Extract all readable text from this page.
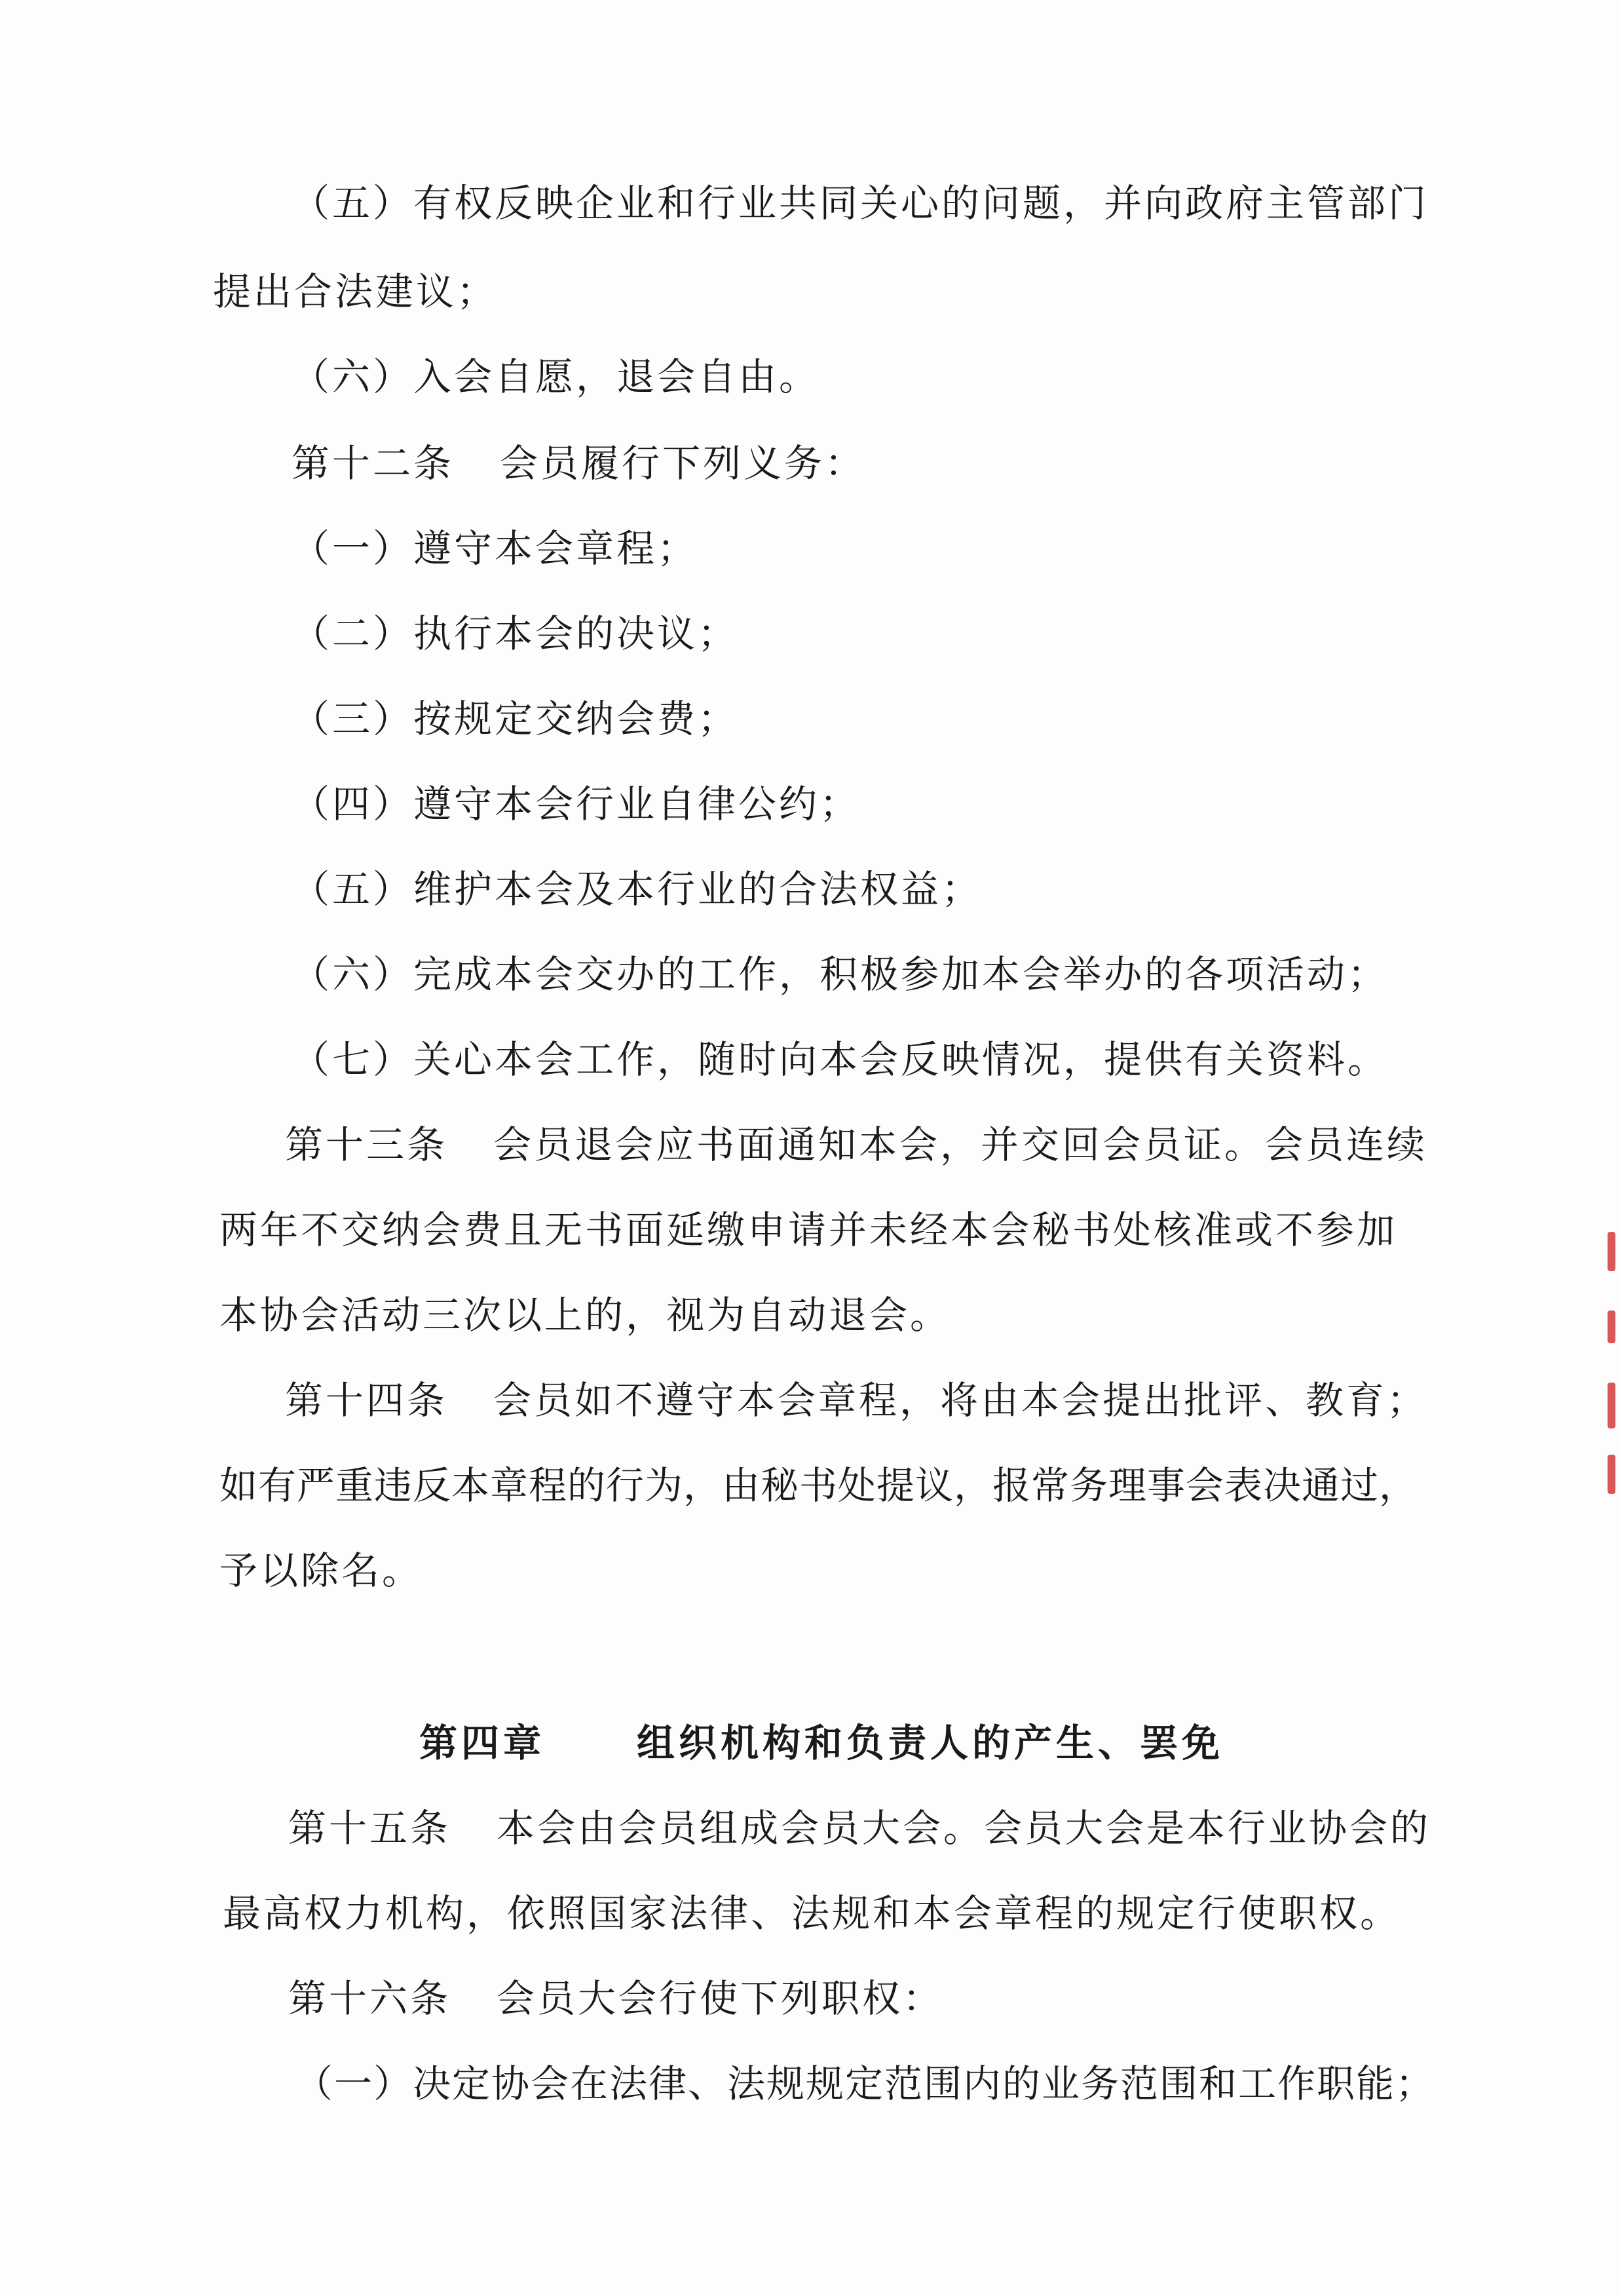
（五）有权反映企业和行业共同关心的问题，并向政府主管部门
提出合法建议；
（六）入会自愿，退会自由。
第十二条 会员履行下列义务：
（一）遵守本会章程；
（二）执行本会的决议；
（三）按规定交纳会费；
（四）遵守本会行业自律公约；
（五）维护本会及本行业的合法权益；
（六）完成本会交办的工作，积极参加本会举办的各项活动；
（七）关心本会工作，随时向本会反映情况，提供有关资料。
第十三条 会员退会应书面通知本会，并交回会员证。会员连续
两年不交纳会费且无书面延缴申请并未经本会秘书处核准或不参加
本协会活动三次以上的，视为自动退会。
第十四条 会员如不遵守本会章程，将由本会提出批评、教育；
如有严重违反本章程的行为，由秘书处提议，报常务理事会表决通过，
予以除名。
第四章 组织机构和负责人的产生、罢免
第十五条 本会由会员组成会员大会。会员大会是本行业协会的
最高权力机构，依照国家法律、法规和本会章程的规定行使职权。
第十六条 会员大会行使下列职权：
（一）决定协会在法律、法规规定范围内的业务范围和工作职能；
